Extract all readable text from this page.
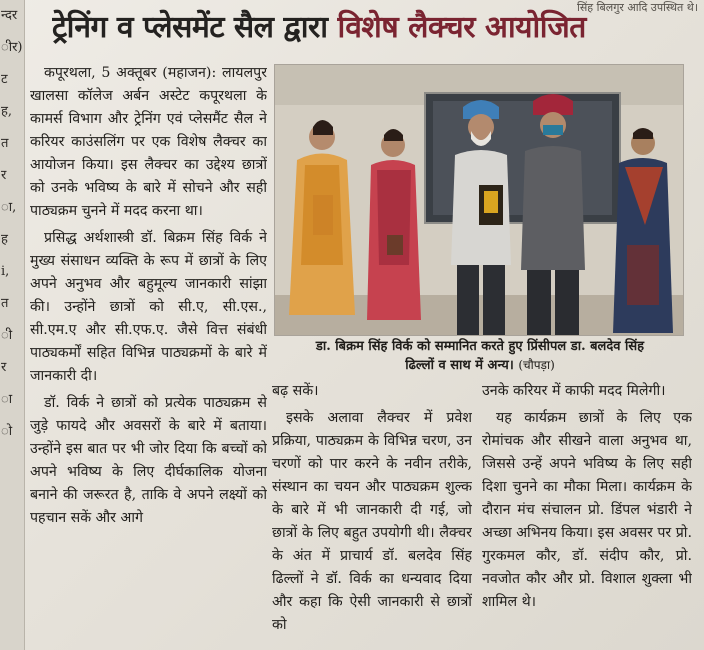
न्दर
ीर)
ट
ह,
त
र
ा,
ह
i,
त
ी
र
ा
ो
सिंह बिलगुर आदि उपस्थित थे।
ट्रेनिंग व प्लेसमेंट सैल द्वारा विशेष लैक्चर आयोजित

कपूरथला, 5 अक्तूबर (महाजन): लायलपुर खालसा कॉलेज अर्बन अस्टेट कपूरथला के कामर्स विभाग और ट्रेनिंग एवं प्लेसमैंट सैल ने करियर काउंसलिंग पर एक विशेष लैक्चर का आयोजन किया। इस लैक्चर का उद्देश्य छात्रों को उनके भविष्य के बारे में सोचने और सही पाठ्यक्रम चुनने में मदद करना था।

प्रसिद्ध अर्थशास्त्री डॉ. बिक्रम सिंह विर्क ने मुख्य संसाधन व्यक्ति के रूप में छात्रों के लिए अपने अनुभव और बहुमूल्य जानकारी सांझा की। उन्होंने छात्रों को सी.ए, सी.एस., सी.एम.ए और सी.एफ.ए. जैसे वित्त संबंधी पाठ्यकर्मों सहित विभिन्न पाठ्यक्रमों के बारे में जानकारी दी।

डॉ. विर्क ने छात्रों को प्रत्येक पाठ्यक्रम से जुड़े फायदे और अवसरों के बारे में बताया। उन्होंने इस बात पर भी जोर दिया कि बच्चों को अपने भविष्य के लिए दीर्घकालिक योजना बनाने की जरूरत है, ताकि वे अपने लक्ष्यों को पहचान सकें और आगे

डा. बिक्रम सिंह विर्क को सम्मानित करते हुए प्रिंसीपल डा. बलदेव सिंह
ढिल्लों व साथ में अन्य। (चौपड़ा)

बढ़ सकें।

इसके अलावा लैक्चर में प्रवेश प्रक्रिया, पाठ्यक्रम के विभिन्न चरण, उन चरणों को पार करने के नवीन तरीके, संस्थान का चयन और पाठ्यक्रम शुल्क के बारे में भी जानकारी दी गई, जो छात्रों के लिए बहुत उपयोगी थी। लैक्चर के अंत में प्राचार्य डॉ. बलदेव सिंह ढिल्लों ने डॉ. विर्क का धन्यवाद दिया और कहा कि ऐसी जानकारी से छात्रों को

उनके करियर में काफी मदद मिलेगी।

यह कार्यक्रम छात्रों के लिए एक रोमांचक और सीखने वाला अनुभव था, जिससे उन्हें अपने भविष्य के लिए सही दिशा चुनने का मौका मिला। कार्यक्रम के दौरान मंच संचालन प्रो. डिंपल भंडारी ने अच्छा अभिनय किया। इस अवसर पर प्रो. गुरकमल कौर, डॉ. संदीप कौर, प्रो. नवजोत कौर और प्रो. विशाल शुक्ला भी शामिल थे।
